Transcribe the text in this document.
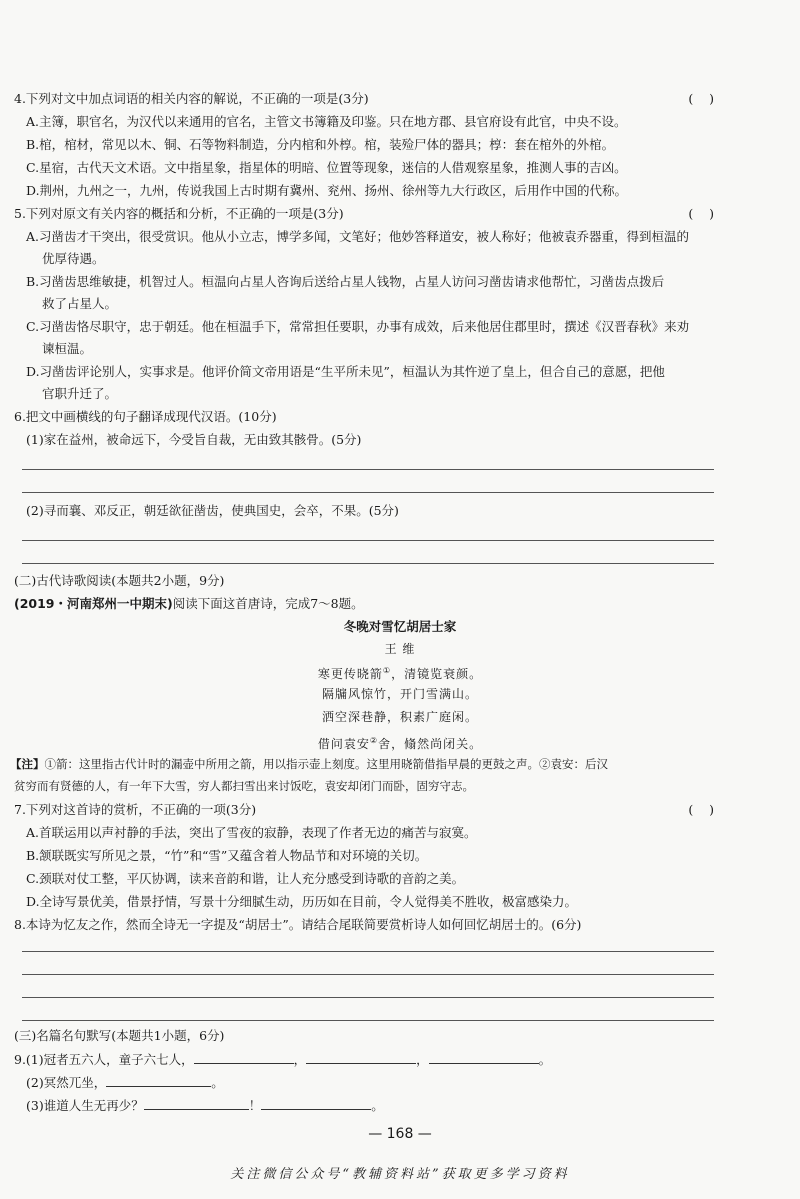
4.下列对文中加点词语的相关内容的解说，不正确的一项是(3分)	(    )
A.主簿，职官名，为汉代以来通用的官名，主管文书簿籍及印鉴。只在地方郡、县官府设有此官，中央不设。
B.棺，棺材，常见以木、铜、石等物料制造，分内棺和外椁。棺，装殓尸体的器具；椁：套在棺外的外棺。
C.星宿，古代天文术语。文中指星象，指星体的明暗、位置等现象，迷信的人借观察星象，推测人事的吉凶。
D.荆州，九州之一，九州，传说我国上古时期有冀州、兖州、扬州、徐州等九大行政区，后用作中国的代称。
5.下列对原文有关内容的概括和分析，不正确的一项是(3分)	(    )
A.习凿齿才干突出，很受赏识。他从小立志，博学多闻，文笔好；他妙答释道安，被人称好；他被袁乔器重，得到桓温的
优厚待遇。
B.习凿齿思维敏捷，机智过人。桓温向占星人咨询后送给占星人钱物，占星人访问习凿齿请求他帮忙，习凿齿点拨后
救了占星人。
C.习凿齿恪尽职守，忠于朝廷。他在桓温手下，常常担任要职，办事有成效，后来他居住郡里时，撰述《汉晋春秋》来劝
谏桓温。
D.习凿齿评论别人，实事求是。他评价简文帝用语是“生平所未见”，桓温认为其忤逆了皇上，但合自己的意愿，把他
官职升迁了。
6.把文中画横线的句子翻译成现代汉语。(10分)
(1)家在益州，被命远下，今受旨自裁，无由致其骸骨。(5分)
(2)寻而襄、邓反正，朝廷欲征凿齿，使典国史，会卒，不果。(5分)
(二)古代诗歌阅读(本题共2小题，9分)
(2019・河南郑州一中期末)阅读下面这首唐诗，完成7～8题。
冬晚对雪忆胡居士家
王 维
寒更传晓箭①，清镜览衰颜。
隔牖风惊竹，开门雪满山。
洒空深巷静，积素广庭闲。
借问袁安②舍，翛然尚闭关。
【注】①箭：这里指古代计时的漏壶中所用之箭，用以指示壶上刻度。这里用晓箭借指早晨的更鼓之声。②袁安：后汉
贫穷而有贤德的人，有一年下大雪，穷人都扫雪出来讨饭吃，袁安却闭门而卧，固穷守志。
7.下列对这首诗的赏析，不正确的一项(3分)	(    )
A.首联运用以声衬静的手法，突出了雪夜的寂静，表现了作者无边的痛苦与寂寞。
B.颔联既实写所见之景，“竹”和“雪”又蕴含着人物品节和对环境的关切。
C.颈联对仗工整，平仄协调，读来音韵和谐，让人充分感受到诗歌的音韵之美。
D.全诗写景优美，借景抒情，写景十分细腻生动，历历如在目前，令人觉得美不胜收，极富感染力。
8.本诗为忆友之作，然而全诗无一字提及“胡居士”。请结合尾联简要赏析诗人如何回忆胡居士的。(6分)
(三)名篇名句默写(本题共1小题，6分)
9.(1)冠者五六人，童子六七人，	，	，	。
(2)冥然兀坐，	。
(3)谁道人生无再少？	！	。
— 168 —
关注微信公众号“教辅资料站”获取更多学习资料
